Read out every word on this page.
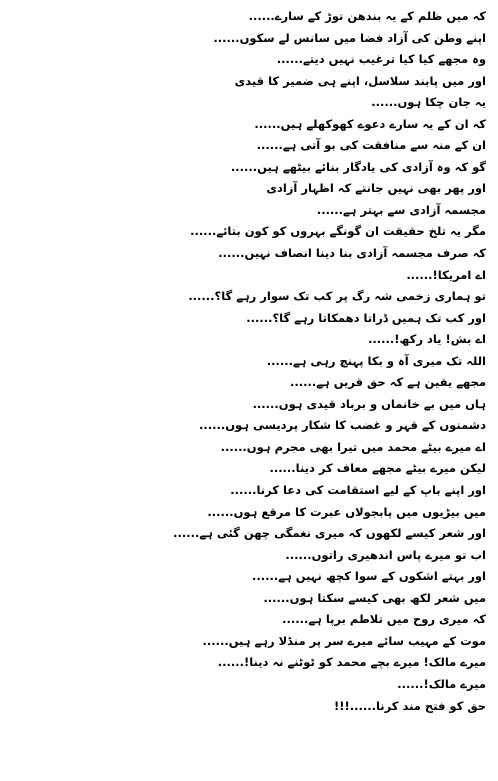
کہ میں ظلم کے یہ بندھن توڑ کے سارے......
اپنے وطن کی آزاد فضا میں سانس لے سکوں......
وہ مجھے کیا کیا ترغیب نہیں دیتے......
اور میں پابند سلاسل، اپنے ہی ضمیر کا قیدی
یہ جان چکا ہوں......
کہ ان کے یہ سارے دعوے کھوکھلے ہیں......
ان کے منہ سے منافقت کی بو آتی ہے......
گو کہ وہ آزادی کی یادگار بنائے بیٹھے ہیں......
اور پھر بھی نہیں جانتے کہ اظہار آزادی
مجسمہ آزادی سے بہتر ہے......
مگر یہ تلخ حقیقت ان گونگے بہروں کو کون بتائے......
کہ صرف مجسمہ آزادی بنا دینا انصاف نہیں......
اے امریکا!......
تو ہماری زخمی شہ رگ پر کب تک سوار رہے گا؟......
اور کب تک ہمیں ڈراتا دھمکاتا رہے گا؟......
اے بش! یاد رکھ!......
اللہ تک میری آہ و بکا پہنچ رہی ہے......
مجھے یقین ہے کہ حق قریں ہے......
ہاں میں بے خانماں و برباد قیدی ہوں......
دشمنوں کے قہر و غضب کا شکار پردیسی ہوں......
اے میرے بیٹے محمد میں تیرا بھی مجرم ہوں......
لیکن میرے بیٹے مجھے معاف کر دینا......
اور اپنے باپ کے لیے استقامت کی دعا کرنا......
میں بیڑیوں میں پابجولاں عبرت کا مرقع ہوں......
اور شعر کیسے لکھوں کہ میری نغمگی چھن گئی ہے......
اب تو میرے پاس اندھیری راتوں......
اور بہتے اشکوں کے سوا کچھ نہیں ہے......
میں شعر لکھ بھی کیسے سکتا ہوں......
کہ میری روح میں تلاطم برپا ہے......
موت کے مہیب سائے میرے سر پر منڈلا رہے ہیں......
میرے مالک! میرے بچے محمد کو ٹوٹنے نہ دینا!......
میرے مالک!......
حق کو فتح مند کرنا......!!!
